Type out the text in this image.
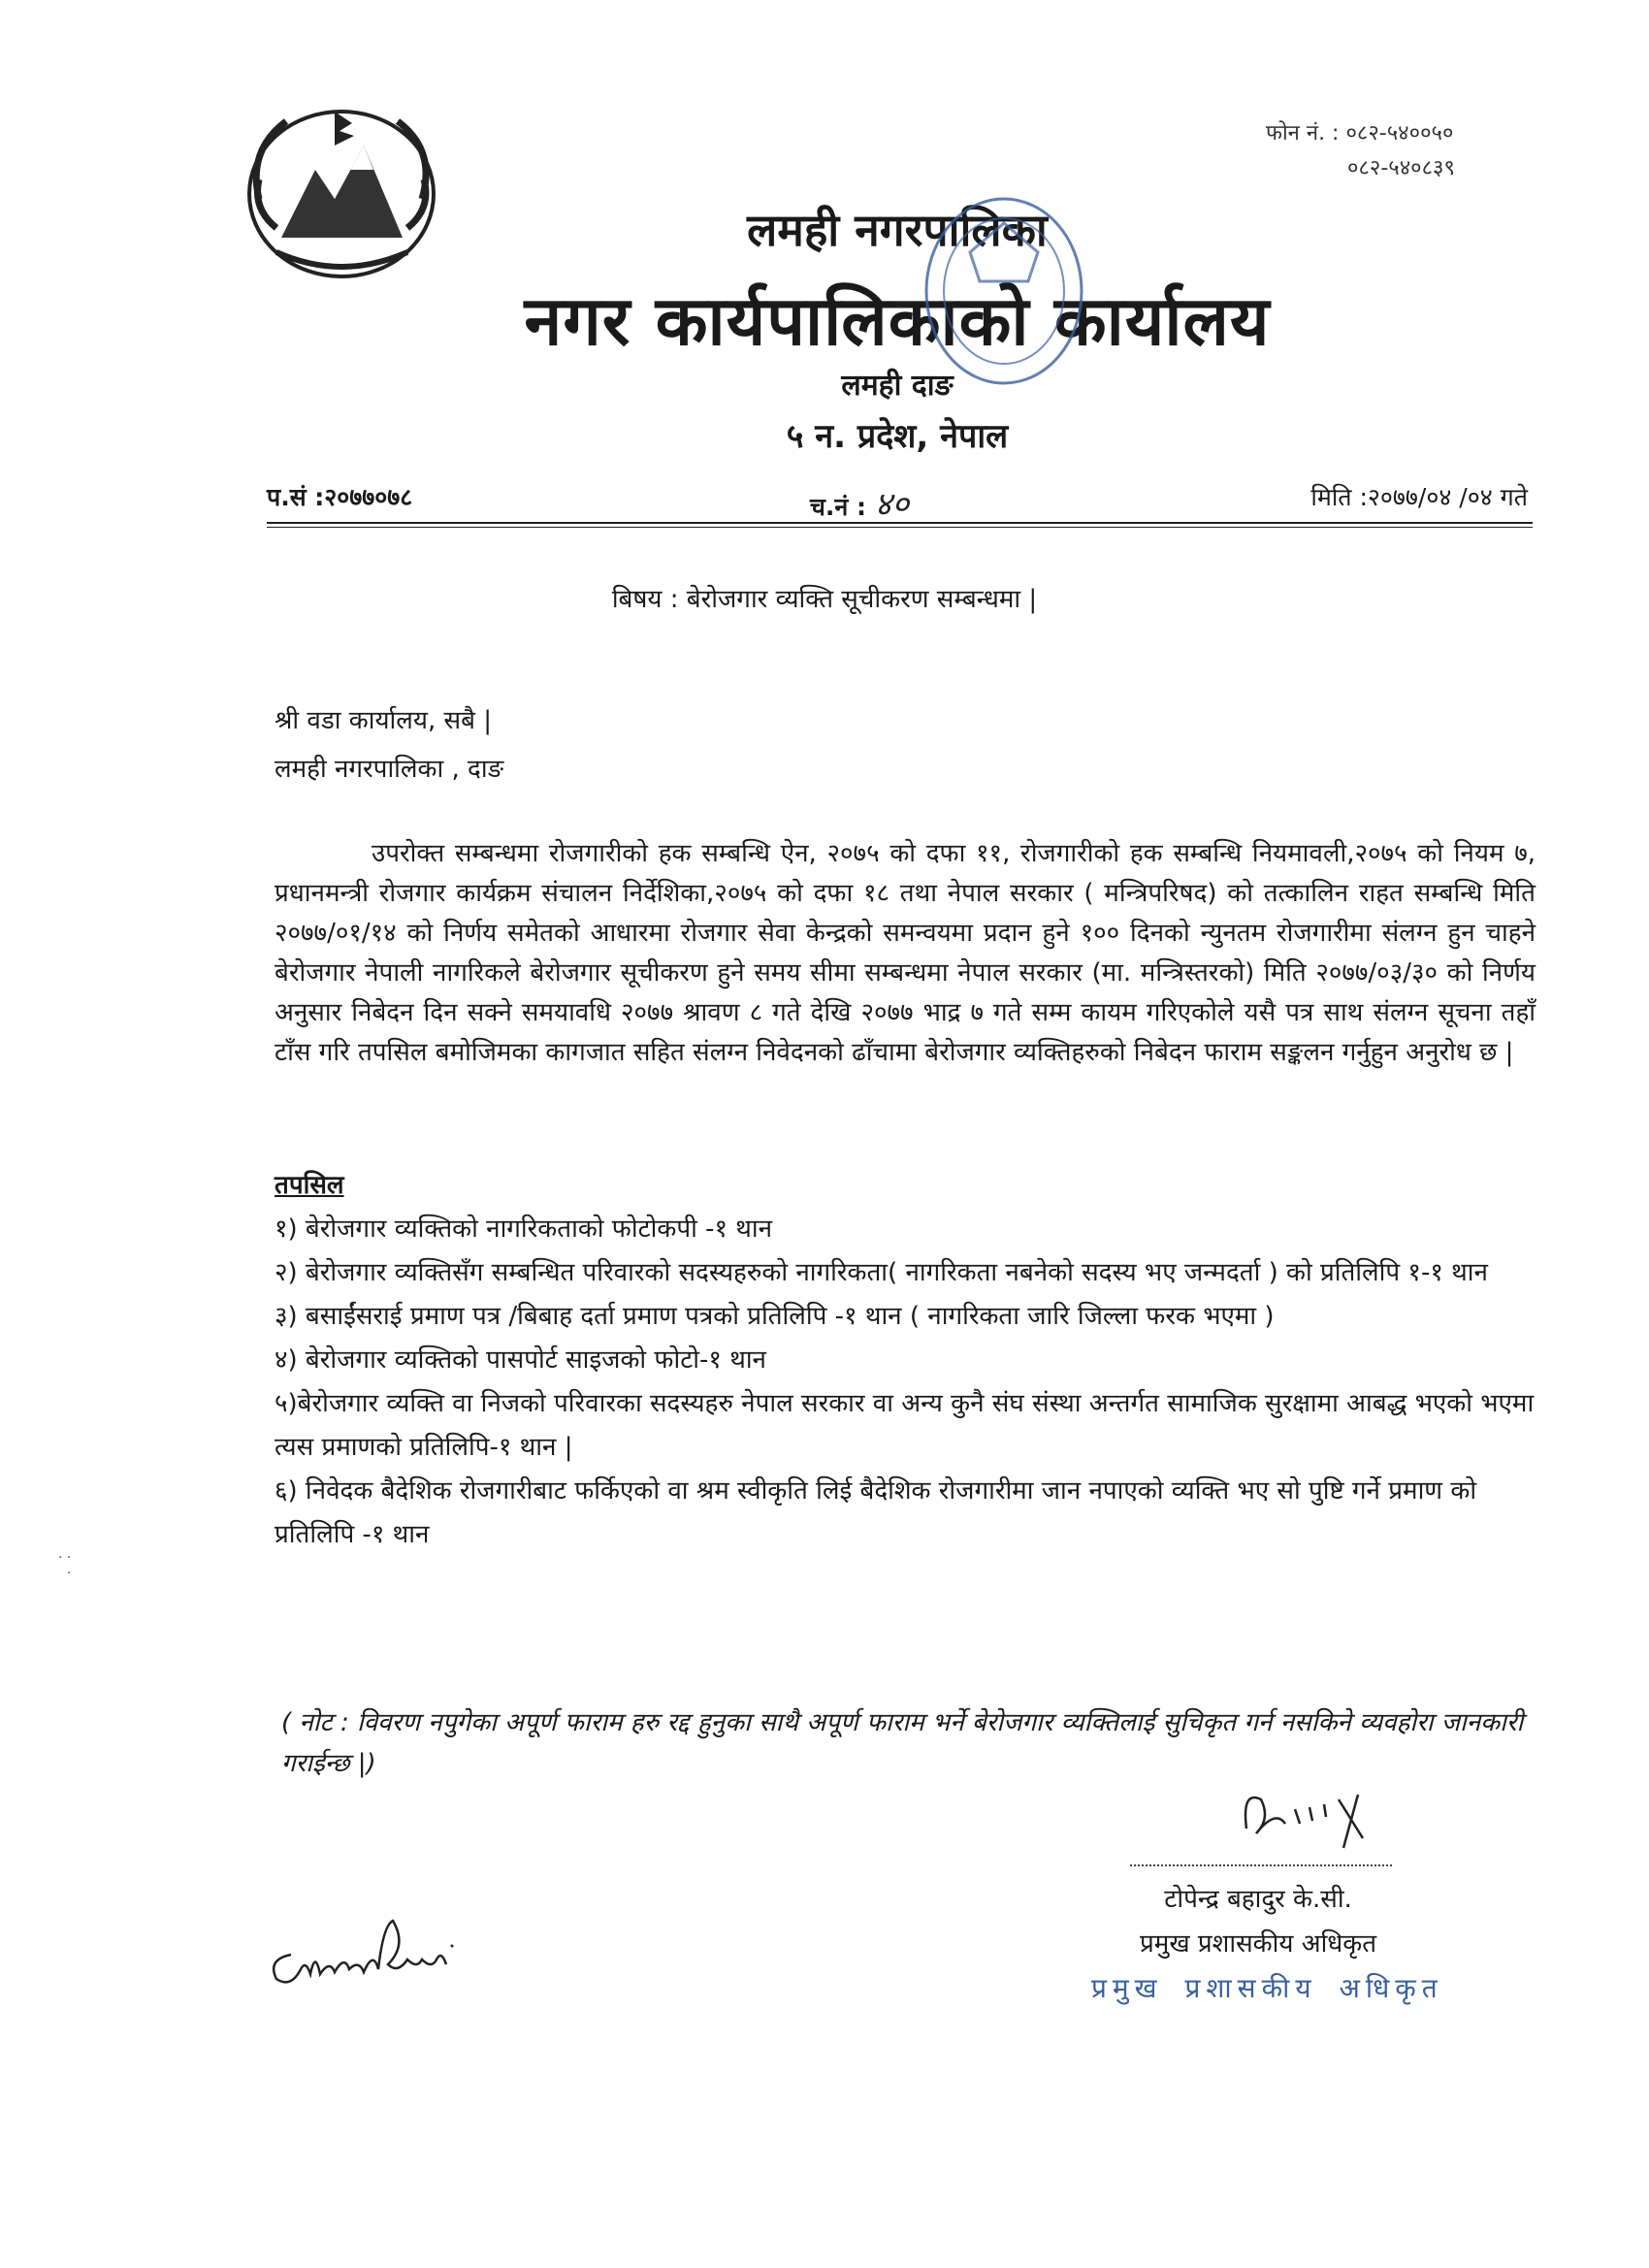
फोन नं. : ०८२-५४००५०
०८२-५४०८३९
लमही नगरपालिका
नगर कार्यपालिकाको कार्यालय
लमही दाङ
५ न. प्रदेश, नेपाल
प.सं :२०७७०७८	च.नं : ४०	मिति :२०७७/०४ /०४ गते
बिषय : बेरोजगार व्यक्ति सूचीकरण सम्बन्धमा |
श्री वडा कार्यालय, सबै |
लमही नगरपालिका , दाङ
उपरोक्त सम्बन्धमा रोजगारीको हक सम्बन्धि ऐन, २०७५ को दफा ११, रोजगारीको हक सम्बन्धि नियमावली,२०७५ को नियम ७, प्रधानमन्त्री रोजगार कार्यक्रम संचालन निर्देशिका,२०७५ को दफा १८ तथा नेपाल सरकार ( मन्त्रिपरिषद) को तत्कालिन राहत सम्बन्धि मिति २०७७/०१/१४ को निर्णय समेतको आधारमा रोजगार सेवा केन्द्रको समन्वयमा प्रदान हुने १०० दिनको न्युनतम रोजगारीमा संलग्न हुन चाहने बेरोजगार नेपाली नागरिकले बेरोजगार सूचीकरण हुने समय सीमा सम्बन्धमा नेपाल सरकार (मा. मन्त्रिस्तरको) मिति २०७७/०३/३० को निर्णय अनुसार निबेदन दिन सक्ने समयावधि २०७७ श्रावण ८ गते देखि २०७७ भाद्र ७ गते सम्म कायम गरिएकोले यसै पत्र साथ संलग्न सूचना तहाँ टाँस गरि तपसिल बमोजिमका कागजात सहित संलग्न निवेदनको ढाँचामा बेरोजगार व्यक्तिहरुको निबेदन फाराम सङ्कलन गर्नुहुन अनुरोध छ |
तपसिल

१) बेरोजगार व्यक्तिको नागरिकताको फोटोकपी -१ थान

२) बेरोजगार व्यक्तिसँग सम्बन्धित परिवारको सदस्यहरुको नागरिकता( नागरिकता नबनेको सदस्य भए जन्मदर्ता ) को प्रतिलिपि १-१ थान

३) बसाईंसराई प्रमाण पत्र /बिबाह दर्ता प्रमाण पत्रको प्रतिलिपि -१ थान ( नागरिकता जारि जिल्ला फरक भएमा )

४) बेरोजगार व्यक्तिको पासपोर्ट साइजको फोटो-१ थान

५)बेरोजगार व्यक्ति वा निजको परिवारका सदस्यहरु नेपाल सरकार वा अन्य कुनै संघ संस्था अन्तर्गत सामाजिक सुरक्षामा आबद्ध भएको भएमा त्यस प्रमाणको प्रतिलिपि-१ थान |

६) निवेदक बैदेशिक रोजगारीबाट फर्किएको वा श्रम स्वीकृति लिई बैदेशिक रोजगारीमा जान नपाएको व्यक्ति भए सो पुष्टि गर्ने प्रमाण को प्रतिलिपि -१ थान

( नोट : विवरण नपुगेका अपूर्ण फाराम हरु रद्द हुनुका साथै अपूर्ण फाराम भर्ने बेरोजगार व्यक्तिलाई सुचिकृत गर्न नसकिने व्यवहोरा जानकारी गराईन्छ |)
टोपेन्द्र बहादुर के.सी.
प्रमुख प्रशासकीय अधिकृत
प्रमुख प्रशासकीय अधिकृत
· ·
·
